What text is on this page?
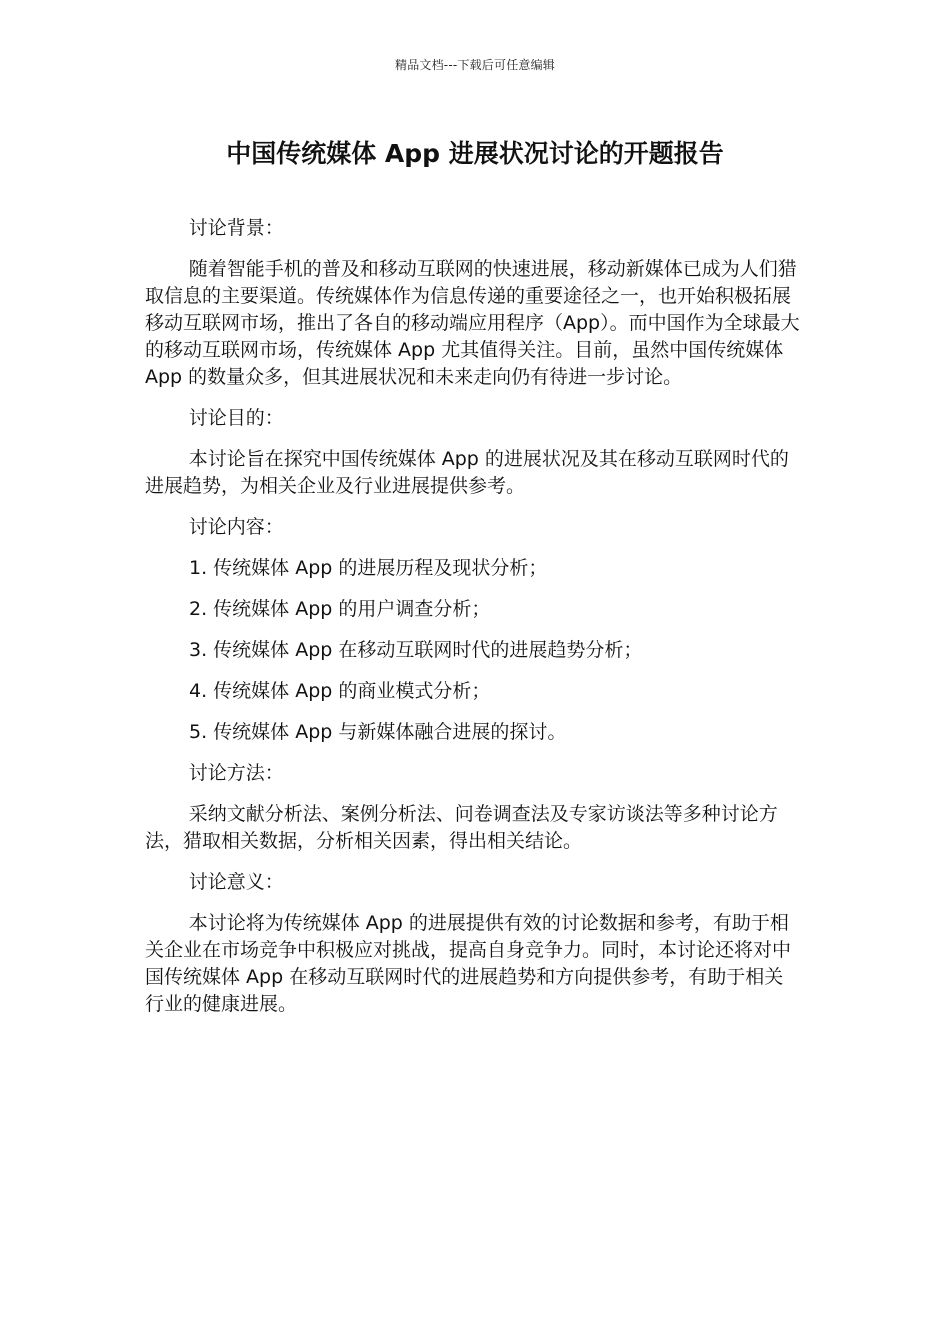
精品文档---下载后可任意编辑
中国传统媒体 App 进展状况讨论的开题报告

讨论背景：

随着智能手机的普及和移动互联网的快速进展，移动新媒体已成为人们猎取信息的主要渠道。传统媒体作为信息传递的重要途径之一，也开始积极拓展移动互联网市场，推出了各自的移动端应用程序（App）。而中国作为全球最大的移动互联网市场，传统媒体 App 尤其值得关注。目前，虽然中国传统媒体 App 的数量众多，但其进展状况和未来走向仍有待进一步讨论。

讨论目的：

本讨论旨在探究中国传统媒体 App 的进展状况及其在移动互联网时代的进展趋势，为相关企业及行业进展提供参考。

讨论内容：

1. 传统媒体 App 的进展历程及现状分析；

2. 传统媒体 App 的用户调查分析；

3. 传统媒体 App 在移动互联网时代的进展趋势分析；

4. 传统媒体 App 的商业模式分析；

5. 传统媒体 App 与新媒体融合进展的探讨。

讨论方法：

采纳文献分析法、案例分析法、问卷调查法及专家访谈法等多种讨论方法，猎取相关数据，分析相关因素，得出相关结论。

讨论意义：

本讨论将为传统媒体 App 的进展提供有效的讨论数据和参考，有助于相关企业在市场竞争中积极应对挑战，提高自身竞争力。同时，本讨论还将对中国传统媒体 App 在移动互联网时代的进展趋势和方向提供参考，有助于相关行业的健康进展。
